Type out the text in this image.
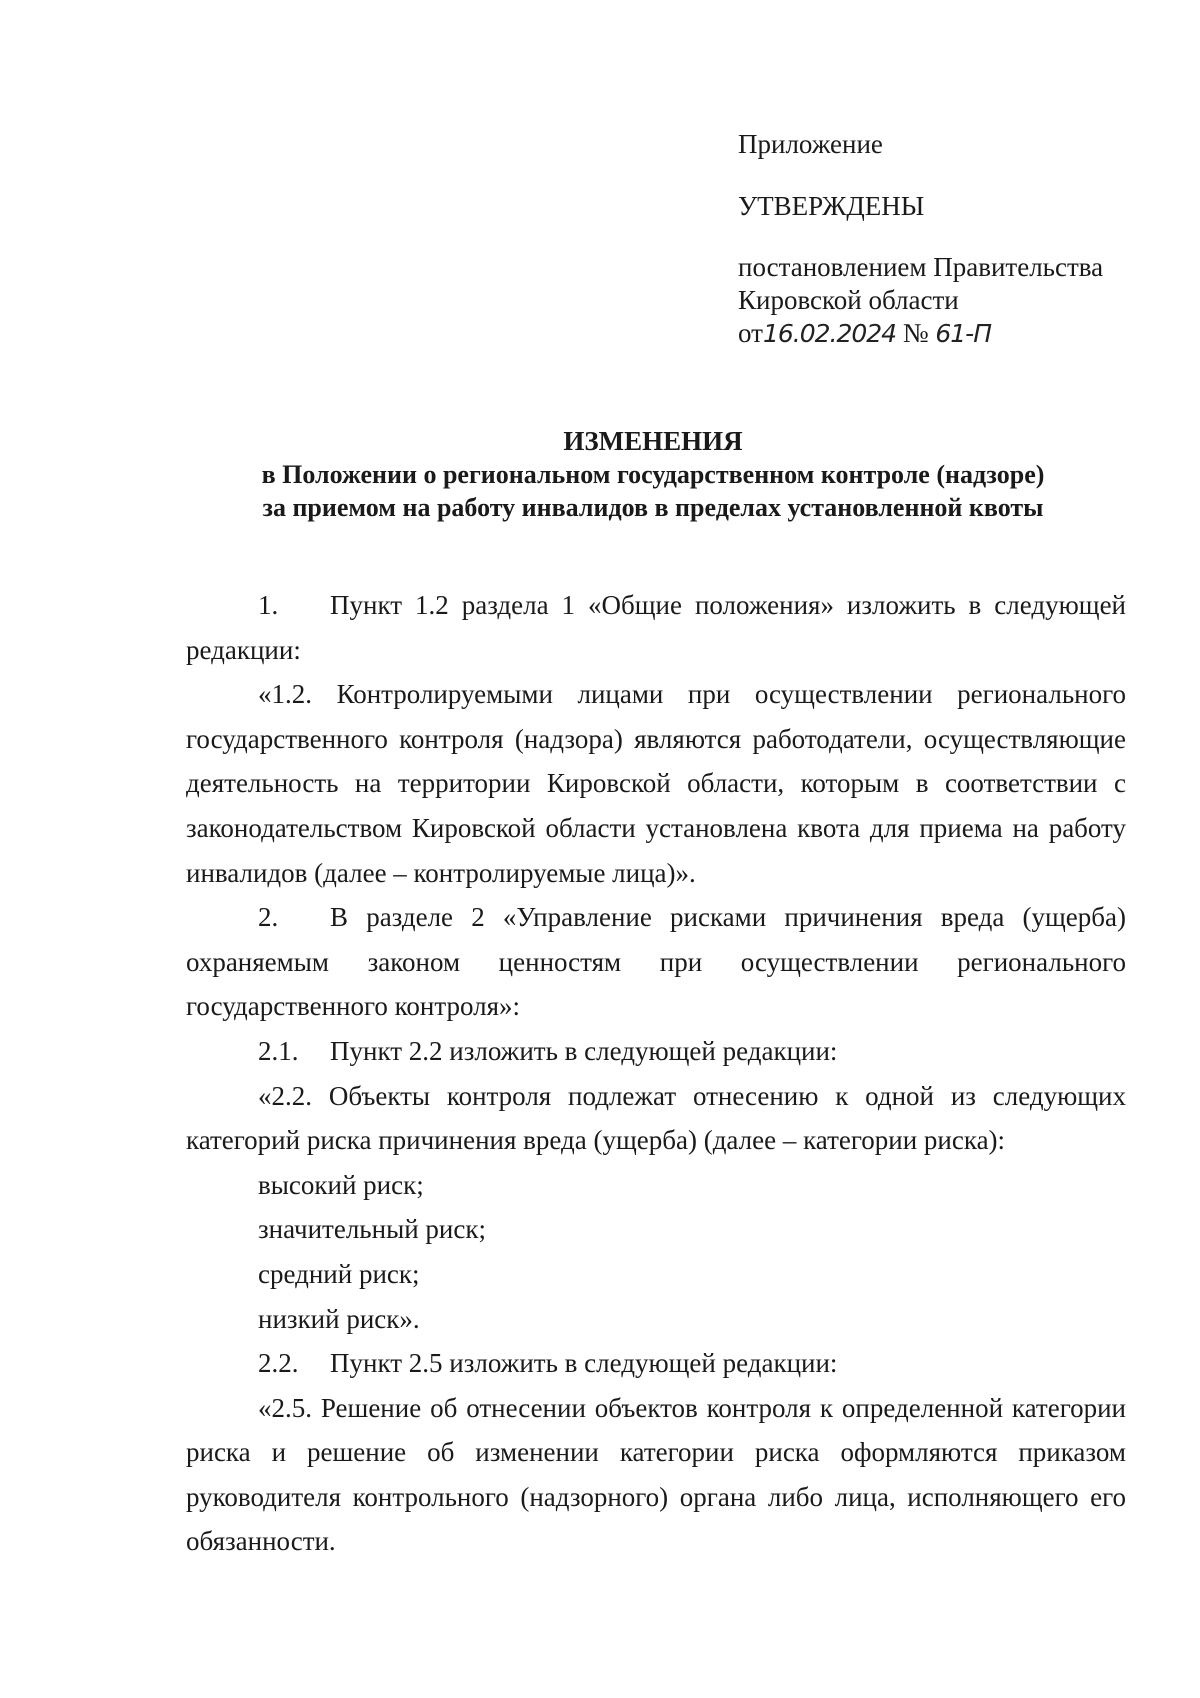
Приложение
УТВЕРЖДЕНЫ
постановлением Правительства
Кировской области
от16.02.2024 № 61-П
ИЗМЕНЕНИЯ
в Положении о региональном государственном контроле (надзоре)
за приемом на работу инвалидов в пределах установленной квоты

1. Пункт 1.2 раздела 1 «Общие положения» изложить в следующей редакции:

«1.2. Контролируемыми лицами при осуществлении регионального государственного контроля (надзора) являются работодатели, осуществляющие деятельность на территории Кировской области, которым в соответствии с законодательством Кировской области установлена квота для приема на работу инвалидов (далее – контролируемые лица)».

2. В разделе 2 «Управление рисками причинения вреда (ущерба) охраняемым законом ценностям при осуществлении регионального государственного контроля»:

2.1. Пункт 2.2 изложить в следующей редакции:

«2.2. Объекты контроля подлежат отнесению к одной из следующих категорий риска причинения вреда (ущерба) (далее – категории риска):

высокий риск;

значительный риск;

средний риск;

низкий риск».

2.2. Пункт 2.5 изложить в следующей редакции:

«2.5. Решение об отнесении объектов контроля к определенной категории риска и решение об изменении категории риска оформляются приказом руководителя контрольного (надзорного) органа либо лица, исполняющего его обязанности.
